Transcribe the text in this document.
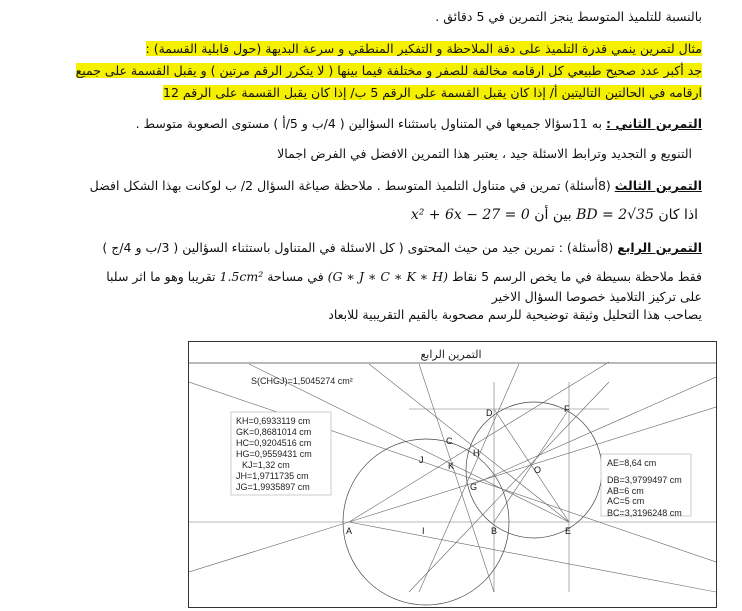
بالنسبة للتلميذ المتوسط ينجز التمرين في 5 دقائق .
مثال لتمرين ينمي قدرة التلميذ على دقة الملاحظة و التفكير المنطقي و سرعة البديهة (حول قابلية القسمة) :
جد أكبر عدد صحيح طبيعي كل ارقامه مخالفة للصفر و مختلفة فيما بينها ( لا يتكرر الرقم مرتين ) و يقبل القسمة على جميع
ارقامه في الحالتين التاليتين أ/ إذا كان يقبل القسمة على الرقم 5 ب/ إذا كان يقبل القسمة على الرقم 12
التمرين الثاني : به 11سؤالا جميعها في المتناول باستثناء السؤالين ( 4/ب و 5/أ ) مستوى الصعوبة متوسط .
التنويع و التجديد وترابط الاسئلة جيد ، يعتبر هذا التمرين الافضل في الفرض اجمالا
التمرين الثالث (8أسئلة) تمرين في متناول التلميذ المتوسط . ملاحظة صياغة السؤال 2/ ب لوكانت بهذا الشكل افضل
اذا كان BD = 2√35 بين أن x² + 6x − 27 = 0
التمرين الرابع (8أسئلة) : تمرين جيد من حيث المحتوى ( كل الاسئلة في المتناول باستثناء السؤالين ( 3/ب و 4/ج )
فقط ملاحظة بسيطة في ما يخص الرسم 5 نقاط (G ∗ J ∗ C ∗ K ∗ H) في مساحة 1.5cm² تقريبا وهو ما اثر سلبا
على تركيز التلاميذ خصوصا السؤال الاخير
يصاحب هذا التحليل وثيقة توضيحية للرسم مصحوبة بالقيم التقريبية للابعاد
التمرين الرابع
A	I	B	E
D	F
C
H
K
J
G
O
S(CHGJ)=1,5045274 cm²
KH=0,6933119 cm
GK=0,8681014 cm
HC=0,9204516 cm
HG=0,9559431 cm
KJ=1,32 cm
JH=1,9711735 cm
JG=1,9935897 cm
AE=8,64 cm
DB=3,9799497 cm
AB=6 cm
AC=5 cm
BC=3,3196248 cm
